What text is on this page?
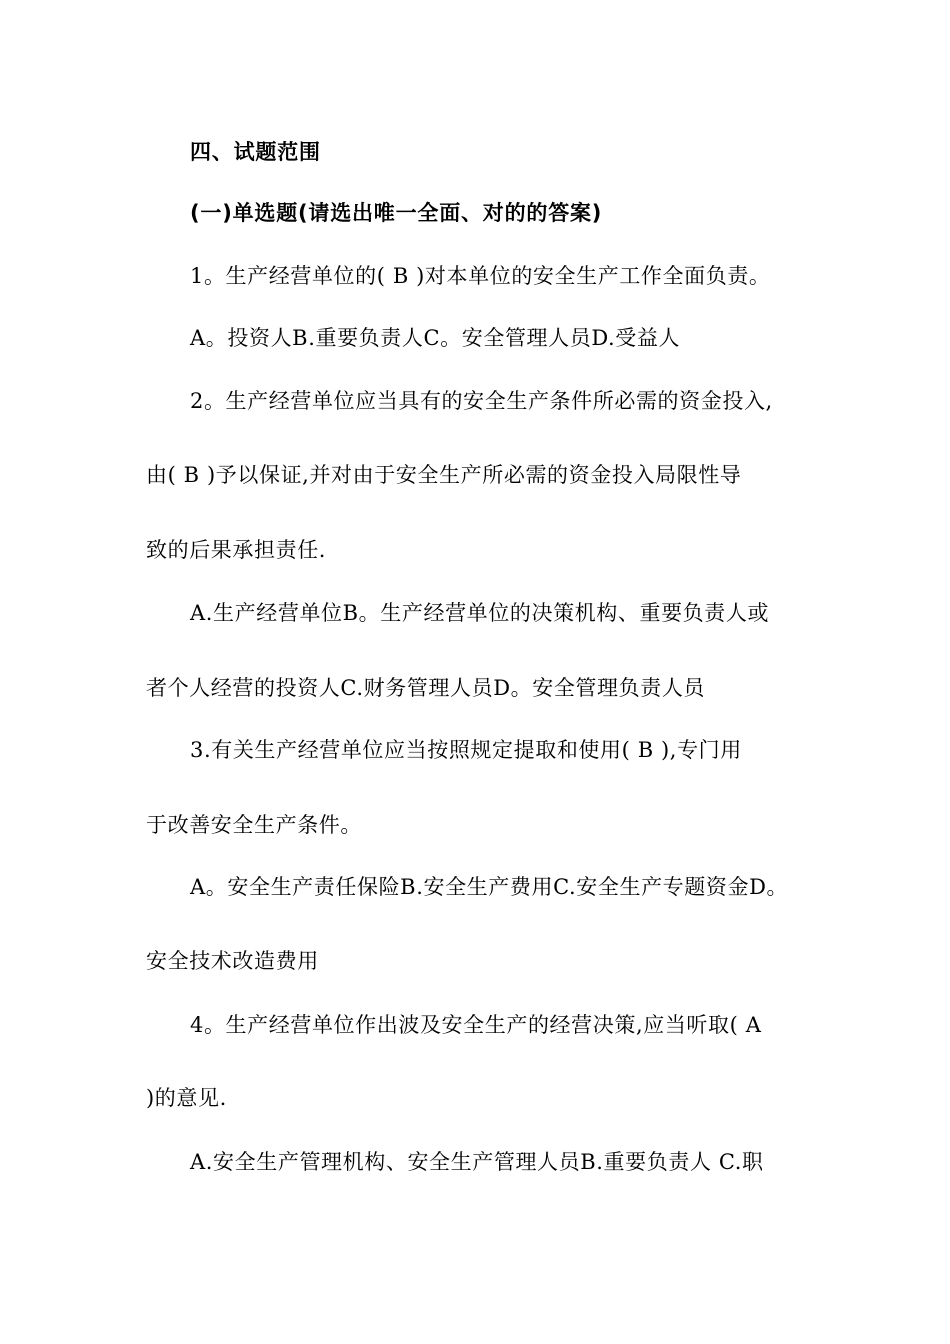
四、试题范围
(一)单选题(请选出唯一全面、对的的答案)
1。生产经营单位的( B )对本单位的安全生产工作全面负责。
A。投资人B.重要负责人C。安全管理人员D.受益人
2。生产经营单位应当具有的安全生产条件所必需的资金投入,
由( B )予以保证,并对由于安全生产所必需的资金投入局限性导
致的后果承担责任.
A.生产经营单位B。生产经营单位的决策机构、重要负责人或
者个人经营的投资人C.财务管理人员D。安全管理负责人员
3.有关生产经营单位应当按照规定提取和使用( B ),专门用
于改善安全生产条件。
A。安全生产责任保险B.安全生产费用C.安全生产专题资金D。
安全技术改造费用
4。生产经营单位作出波及安全生产的经营决策,应当听取( A
)的意见.
A.安全生产管理机构、安全生产管理人员B.重要负责人 C.职
